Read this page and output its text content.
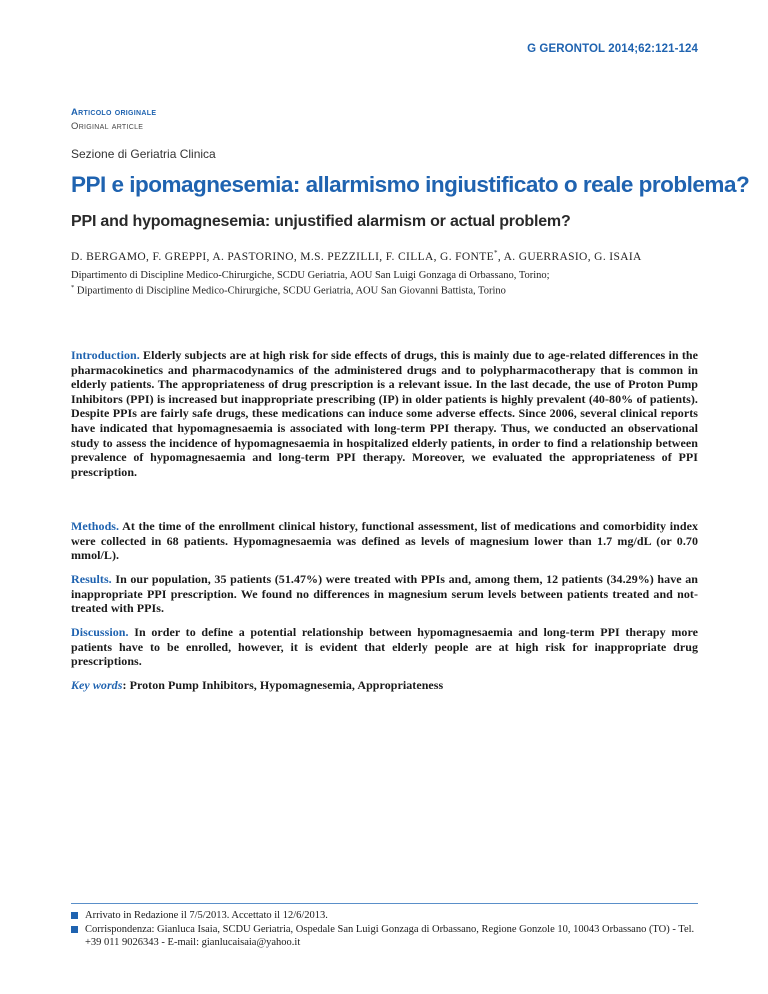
G GERONTOL 2014;62:121-124
Articolo originale
Original article
Sezione di Geriatria Clinica
PPI e ipomagnesemia: allarmismo ingiustificato o reale problema?
PPI and hypomagnesemia: unjustified alarmism or actual problem?
D. BERGAMO, F. GREPPI, A. PASTORINO, M.S. PEZZILLI, F. CILLA, G. FONTE*, A. GUERRASIO, G. ISAIA
Dipartimento di Discipline Medico-Chirurgiche, SCDU Geriatria, AOU San Luigi Gonzaga di Orbassano, Torino;
* Dipartimento di Discipline Medico-Chirurgiche, SCDU Geriatria, AOU San Giovanni Battista, Torino
Introduction. Elderly subjects are at high risk for side effects of drugs, this is mainly due to age-related differences in the pharmacokinetics and pharmacodynamics of the administered drugs and to polypharmacotherapy that is common in elderly patients. The appropriateness of drug prescription is a relevant issue. In the last decade, the use of Proton Pump Inhibitors (PPI) is increased but inappropriate prescribing (IP) in older patients is highly prevalent (40-80% of patients). Despite PPIs are fairly safe drugs, these medications can induce some adverse effects. Since 2006, several clinical reports have indicated that hypomagnesaemia is associated with long-term PPI therapy. Thus, we conducted an observational study to assess the incidence of hypomagnesaemia in hospitalized elderly patients, in order to find a relationship between prevalence of hypomagnesaemia and long-term PPI therapy. Moreover, we evaluated the appropriateness of PPI prescription.
Methods. At the time of the enrollment clinical history, functional assessment, list of medications and comorbidity index were collected in 68 patients. Hypomagnesaemia was defined as levels of magnesium lower than 1.7 mg/dL (or 0.70 mmol/L).
Results. In our population, 35 patients (51.47%) were treated with PPIs and, among them, 12 patients (34.29%) have an inappropriate PPI prescription. We found no differences in magnesium serum levels between patients treated and not-treated with PPIs.
Discussion. In order to define a potential relationship between hypomagnesaemia and long-term PPI therapy more patients have to be enrolled, however, it is evident that elderly people are at high risk for inappropriate drug prescriptions.
Key words: Proton Pump Inhibitors, Hypomagnesemia, Appropriateness
Arrivato in Redazione il 7/5/2013. Accettato il 12/6/2013.
Corrispondenza: Gianluca Isaia, SCDU Geriatria, Ospedale San Luigi Gonzaga di Orbassano, Regione Gonzole 10, 10043 Orbassano (TO) - Tel. +39 011 9026343 - E-mail: gianlucaisaia@yahoo.it
